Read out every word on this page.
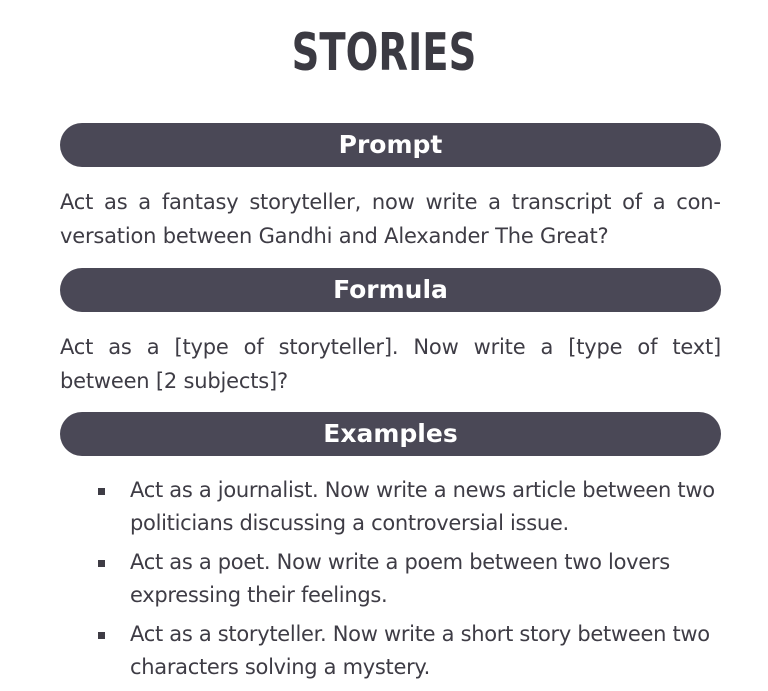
STORIES
Prompt
Act as a fantasy storyteller, now write a transcript of a conversation between Gandhi and Alexander The Great?
Formula
Act as a [type of storyteller]. Now write a [type of text] between [2 subjects]?
Examples
Act as a journalist. Now write a news article between two politicians discussing a controversial issue.
Act as a poet. Now write a poem between two lovers expressing their feelings.
Act as a storyteller. Now write a short story between two characters solving a mystery.
